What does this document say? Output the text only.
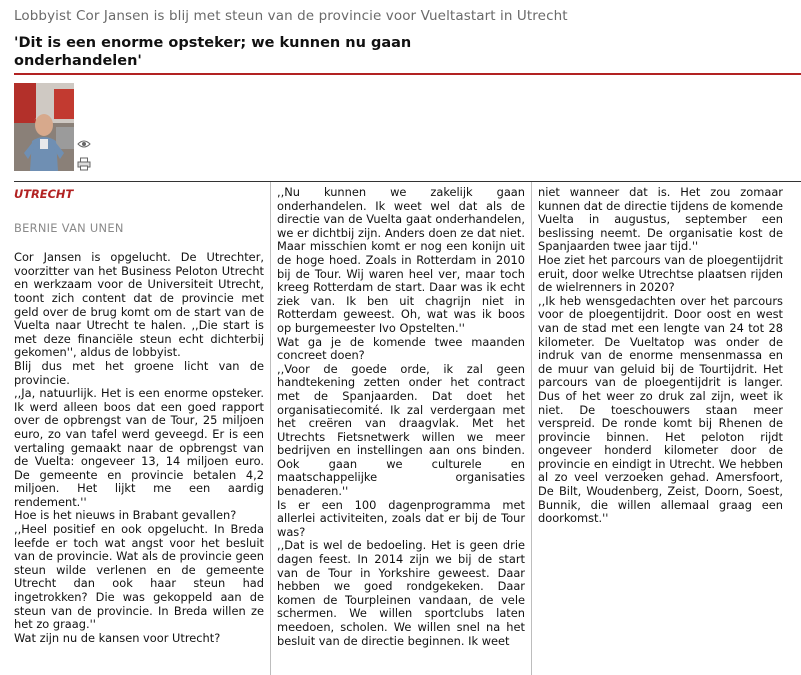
Lobbyist Cor Jansen is blij met steun van de provincie voor Vueltastart in Utrecht
'Dit is een enorme opsteker; we kunnen nu gaan onderhandelen'

UTRECHT

BERNIE VAN UNEN

Cor Jansen is opgelucht. De Utrechter, voorzitter van het Business Peloton Utrecht en werkzaam voor de Universiteit Utrecht, toont zich content dat de provincie met geld over de brug komt om de start van de Vuelta naar Utrecht te halen. ,,Die start is met deze financiële steun echt dichterbij gekomen'', aldus de lobbyist.

Blij dus met het groene licht van de provincie.

,,Ja, natuurlijk. Het is een enorme opsteker. Ik werd alleen boos dat een goed rapport over de opbrengst van de Tour, 25 miljoen euro, zo van tafel werd geveegd. Er is een vertaling gemaakt naar de opbrengst van de Vuelta: ongeveer 13, 14 miljoen euro. De gemeente en provincie betalen 4,2 miljoen. Het lijkt me een aardig rendement.''

Hoe is het nieuws in Brabant gevallen?

,,Heel positief en ook opgelucht. In Breda leefde er toch wat angst voor het besluit van de provincie. Wat als de provincie geen steun wilde verlenen en de gemeente Utrecht dan ook haar steun had ingetrokken? Die was gekoppeld aan de steun van de provincie. In Breda willen ze het zo graag.''

Wat zijn nu de kansen voor Utrecht?

,,Nu kunnen we zakelijk gaan onderhandelen. Ik weet wel dat als de directie van de Vuelta gaat onderhandelen, we er dichtbij zijn. Anders doen ze dat niet. Maar misschien komt er nog een konijn uit de hoge hoed. Zoals in Rotterdam in 2010 bij de Tour. Wij waren heel ver, maar toch kreeg Rotterdam de start. Daar was ik echt ziek van. Ik ben uit chagrijn niet in Rotterdam geweest. Oh, wat was ik boos op burgemeester Ivo Opstelten.''

Wat ga je de komende twee maanden concreet doen?

,,Voor de goede orde, ik zal geen handtekening zetten onder het contract met de Spanjaarden. Dat doet het organisatiecomité. Ik zal verdergaan met het creëren van draagvlak. Met het Utrechts Fietsnetwerk willen we meer bedrijven en instellingen aan ons binden. Ook gaan we culturele en maatschappelijke organisaties benaderen.''

Is er een 100 dagenprogramma met allerlei activiteiten, zoals dat er bij de Tour was?

,,Dat is wel de bedoeling. Het is geen drie dagen feest. In 2014 zijn we bij de start van de Tour in Yorkshire geweest. Daar hebben we goed rondgekeken. Daar komen de Tourpleinen vandaan, de vele schermen. We willen sportclubs laten meedoen, scholen. We willen snel na het besluit van de directie beginnen. Ik weet

niet wanneer dat is. Het zou zomaar kunnen dat de directie tijdens de komende Vuelta in augustus, september een beslissing neemt. De organisatie kost de Spanjaarden twee jaar tijd.''

Hoe ziet het parcours van de ploegentijdrit eruit, door welke Utrechtse plaatsen rijden de wielrenners in 2020?

,,Ik heb wensgedachten over het parcours voor de ploegentijdrit. Door oost en west van de stad met een lengte van 24 tot 28 kilometer. De Vueltatop was onder de indruk van de enorme mensenmassa en de muur van geluid bij de Tourtijdrit. Het parcours van de ploegentijdrit is langer. Dus of het weer zo druk zal zijn, weet ik niet. De toeschouwers staan meer verspreid. De ronde komt bij Rhenen de provincie binnen. Het peloton rijdt ongeveer honderd kilometer door de provincie en eindigt in Utrecht. We hebben al zo veel verzoeken gehad. Amersfoort, De Bilt, Woudenberg, Zeist, Doorn, Soest, Bunnik, die willen allemaal graag een doorkomst.''
